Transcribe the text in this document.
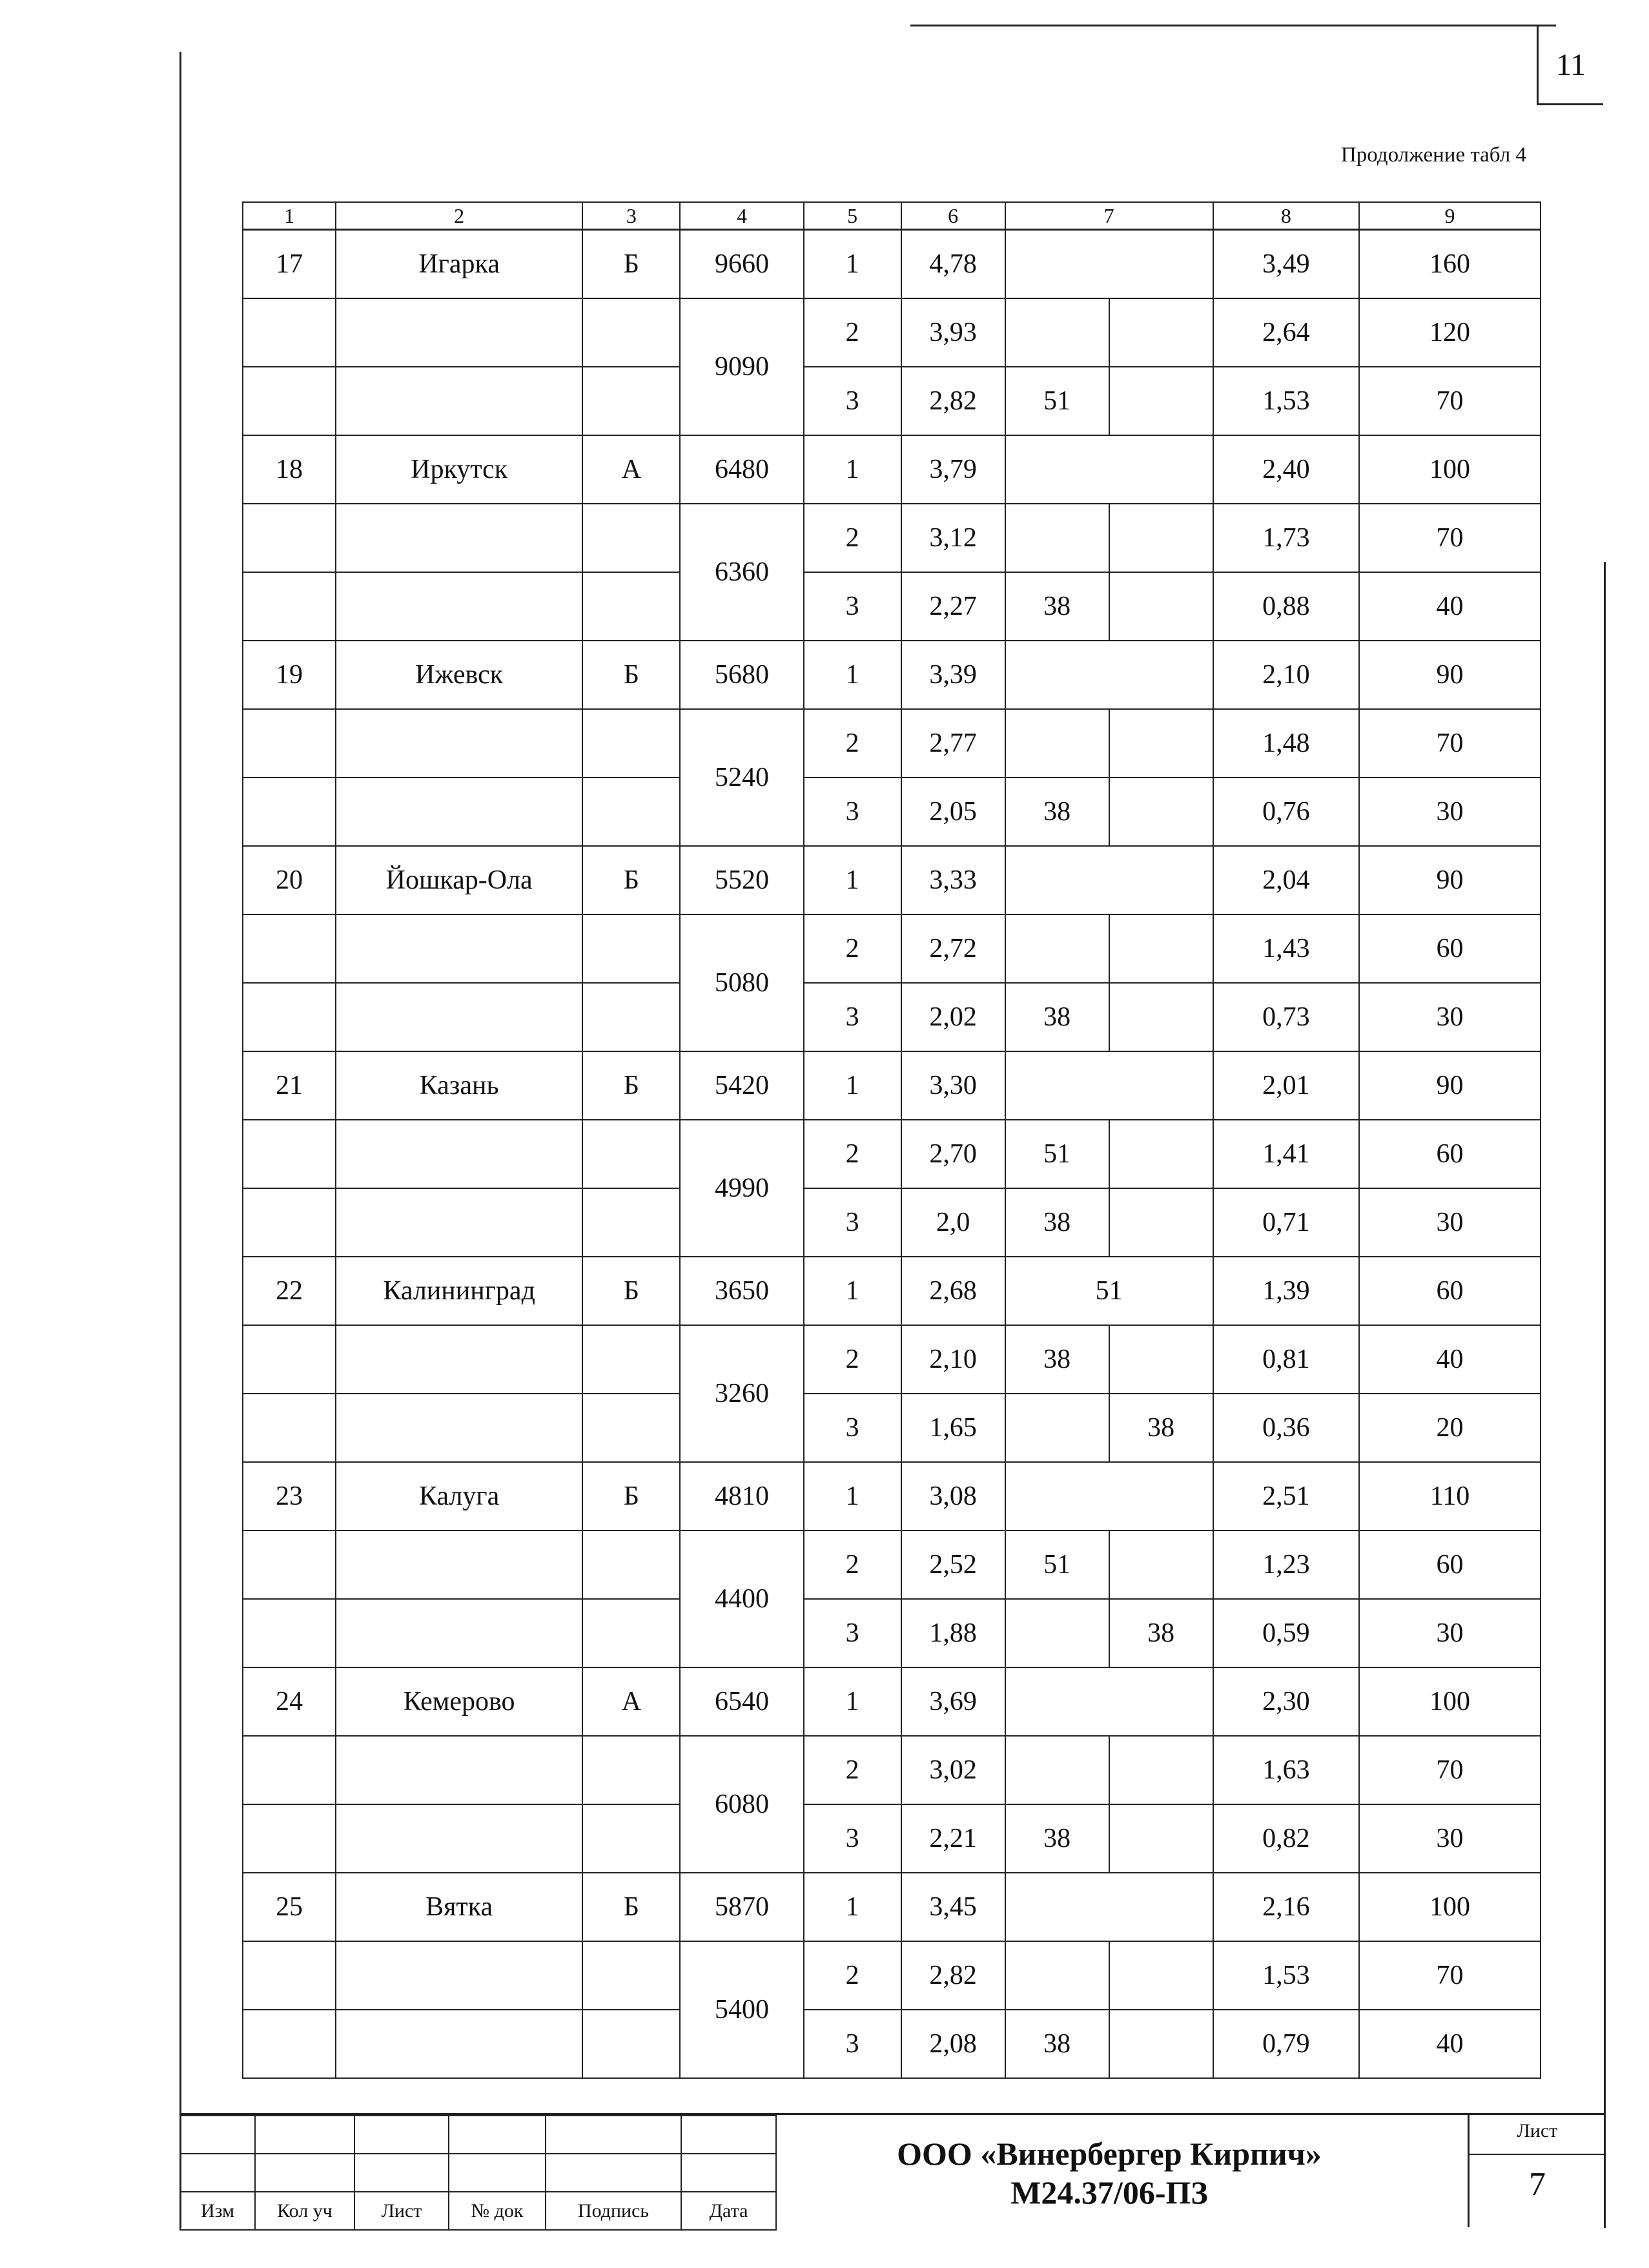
11
Продолжение табл 4
1	2	3	4	5	6	7		8	9
17	Игарка	Б	9660	1	4,78			3,49	160
			9090	2	3,93			2,64	120
				3	2,82	51		1,53	70
18	Иркутск	А	6480	1	3,79			2,40	100
			6360	2	3,12			1,73	70
				3	2,27	38		0,88	40
19	Ижевск	Б	5680	1	3,39			2,10	90
			5240	2	2,77			1,48	70
				3	2,05	38		0,76	30
20	Йошкар-Ола	Б	5520	1	3,33			2,04	90
			5080	2	2,72			1,43	60
				3	2,02	38		0,73	30
21	Казань	Б	5420	1	3,30			2,01	90
			4990	2	2,70	51		1,41	60
				3	2,0	38		0,71	30
22	Калининград	Б	3650	1	2,68	51		1,39	60
			3260	2	2,10	38		0,81	40
				3	1,65		38	0,36	20
23	Калуга	Б	4810	1	3,08			2,51	110
			4400	2	2,52	51		1,23	60
				3	1,88		38	0,59	30
24	Кемерово	А	6540	1	3,69			2,30	100
			6080	2	3,02			1,63	70
				3	2,21	38		0,82	30
25	Вятка	Б	5870	1	3,45			2,16	100
			5400	2	2,82			1,53	70
				3	2,08	38		0,79	40

Изм	Кол уч	Лист	№ док	Подпись	Дата
ООО «Винербергер Кирпич»
М24.37/06-ПЗ
Лист
7
